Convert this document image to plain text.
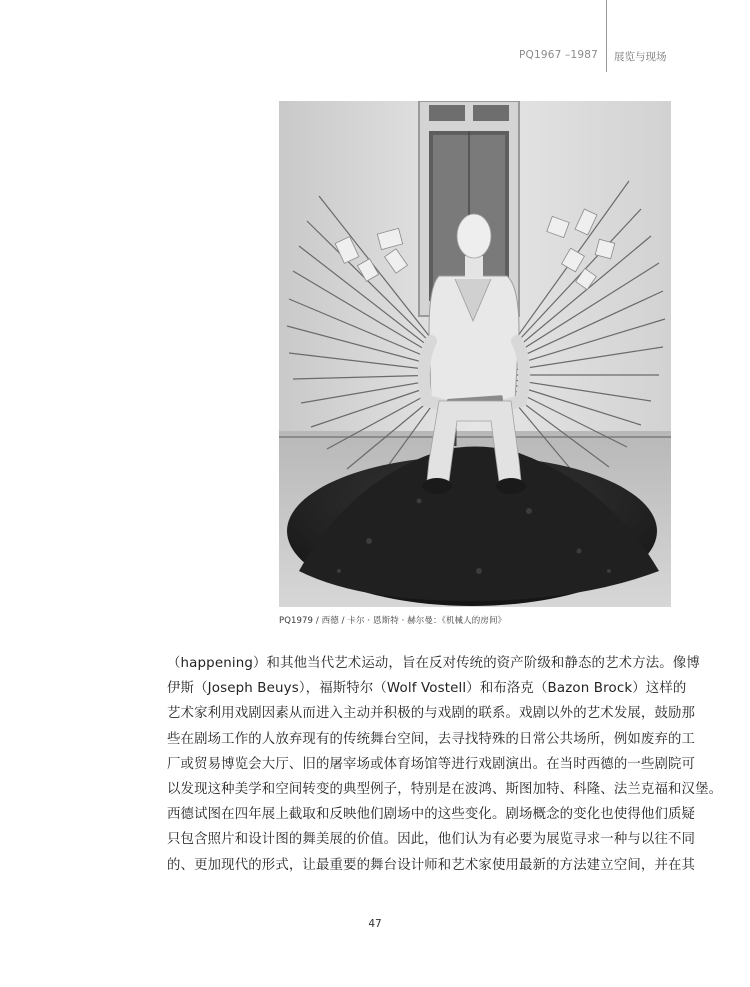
PQ1967 –1987 展览与现场
PQ1979 / 西德 / 卡尔 · 恩斯特 · 赫尔曼：《机械人的房间》
（happening）和其他当代艺术运动，旨在反对传统的资产阶级和静态的艺术方法。像博
伊斯（Joseph Beuys），福斯特尔（Wolf Vostell）和布洛克（Bazon Brock）这样的
艺术家利用戏剧因素从而进入主动并积极的与戏剧的联系。戏剧以外的艺术发展，鼓励那
些在剧场工作的人放弃现有的传统舞台空间，去寻找特殊的日常公共场所，例如废弃的工
厂或贸易博览会大厅、旧的屠宰场或体育场馆等进行戏剧演出。在当时西德的一些剧院可
以发现这种美学和空间转变的典型例子，特别是在波鸿、斯图加特、科隆、法兰克福和汉堡。
西德试图在四年展上截取和反映他们剧场中的这些变化。剧场概念的变化也使得他们质疑
只包含照片和设计图的舞美展的价值。因此，他们认为有必要为展览寻求一种与以往不同
的、更加现代的形式，让最重要的舞台设计师和艺术家使用最新的方法建立空间，并在其
47
